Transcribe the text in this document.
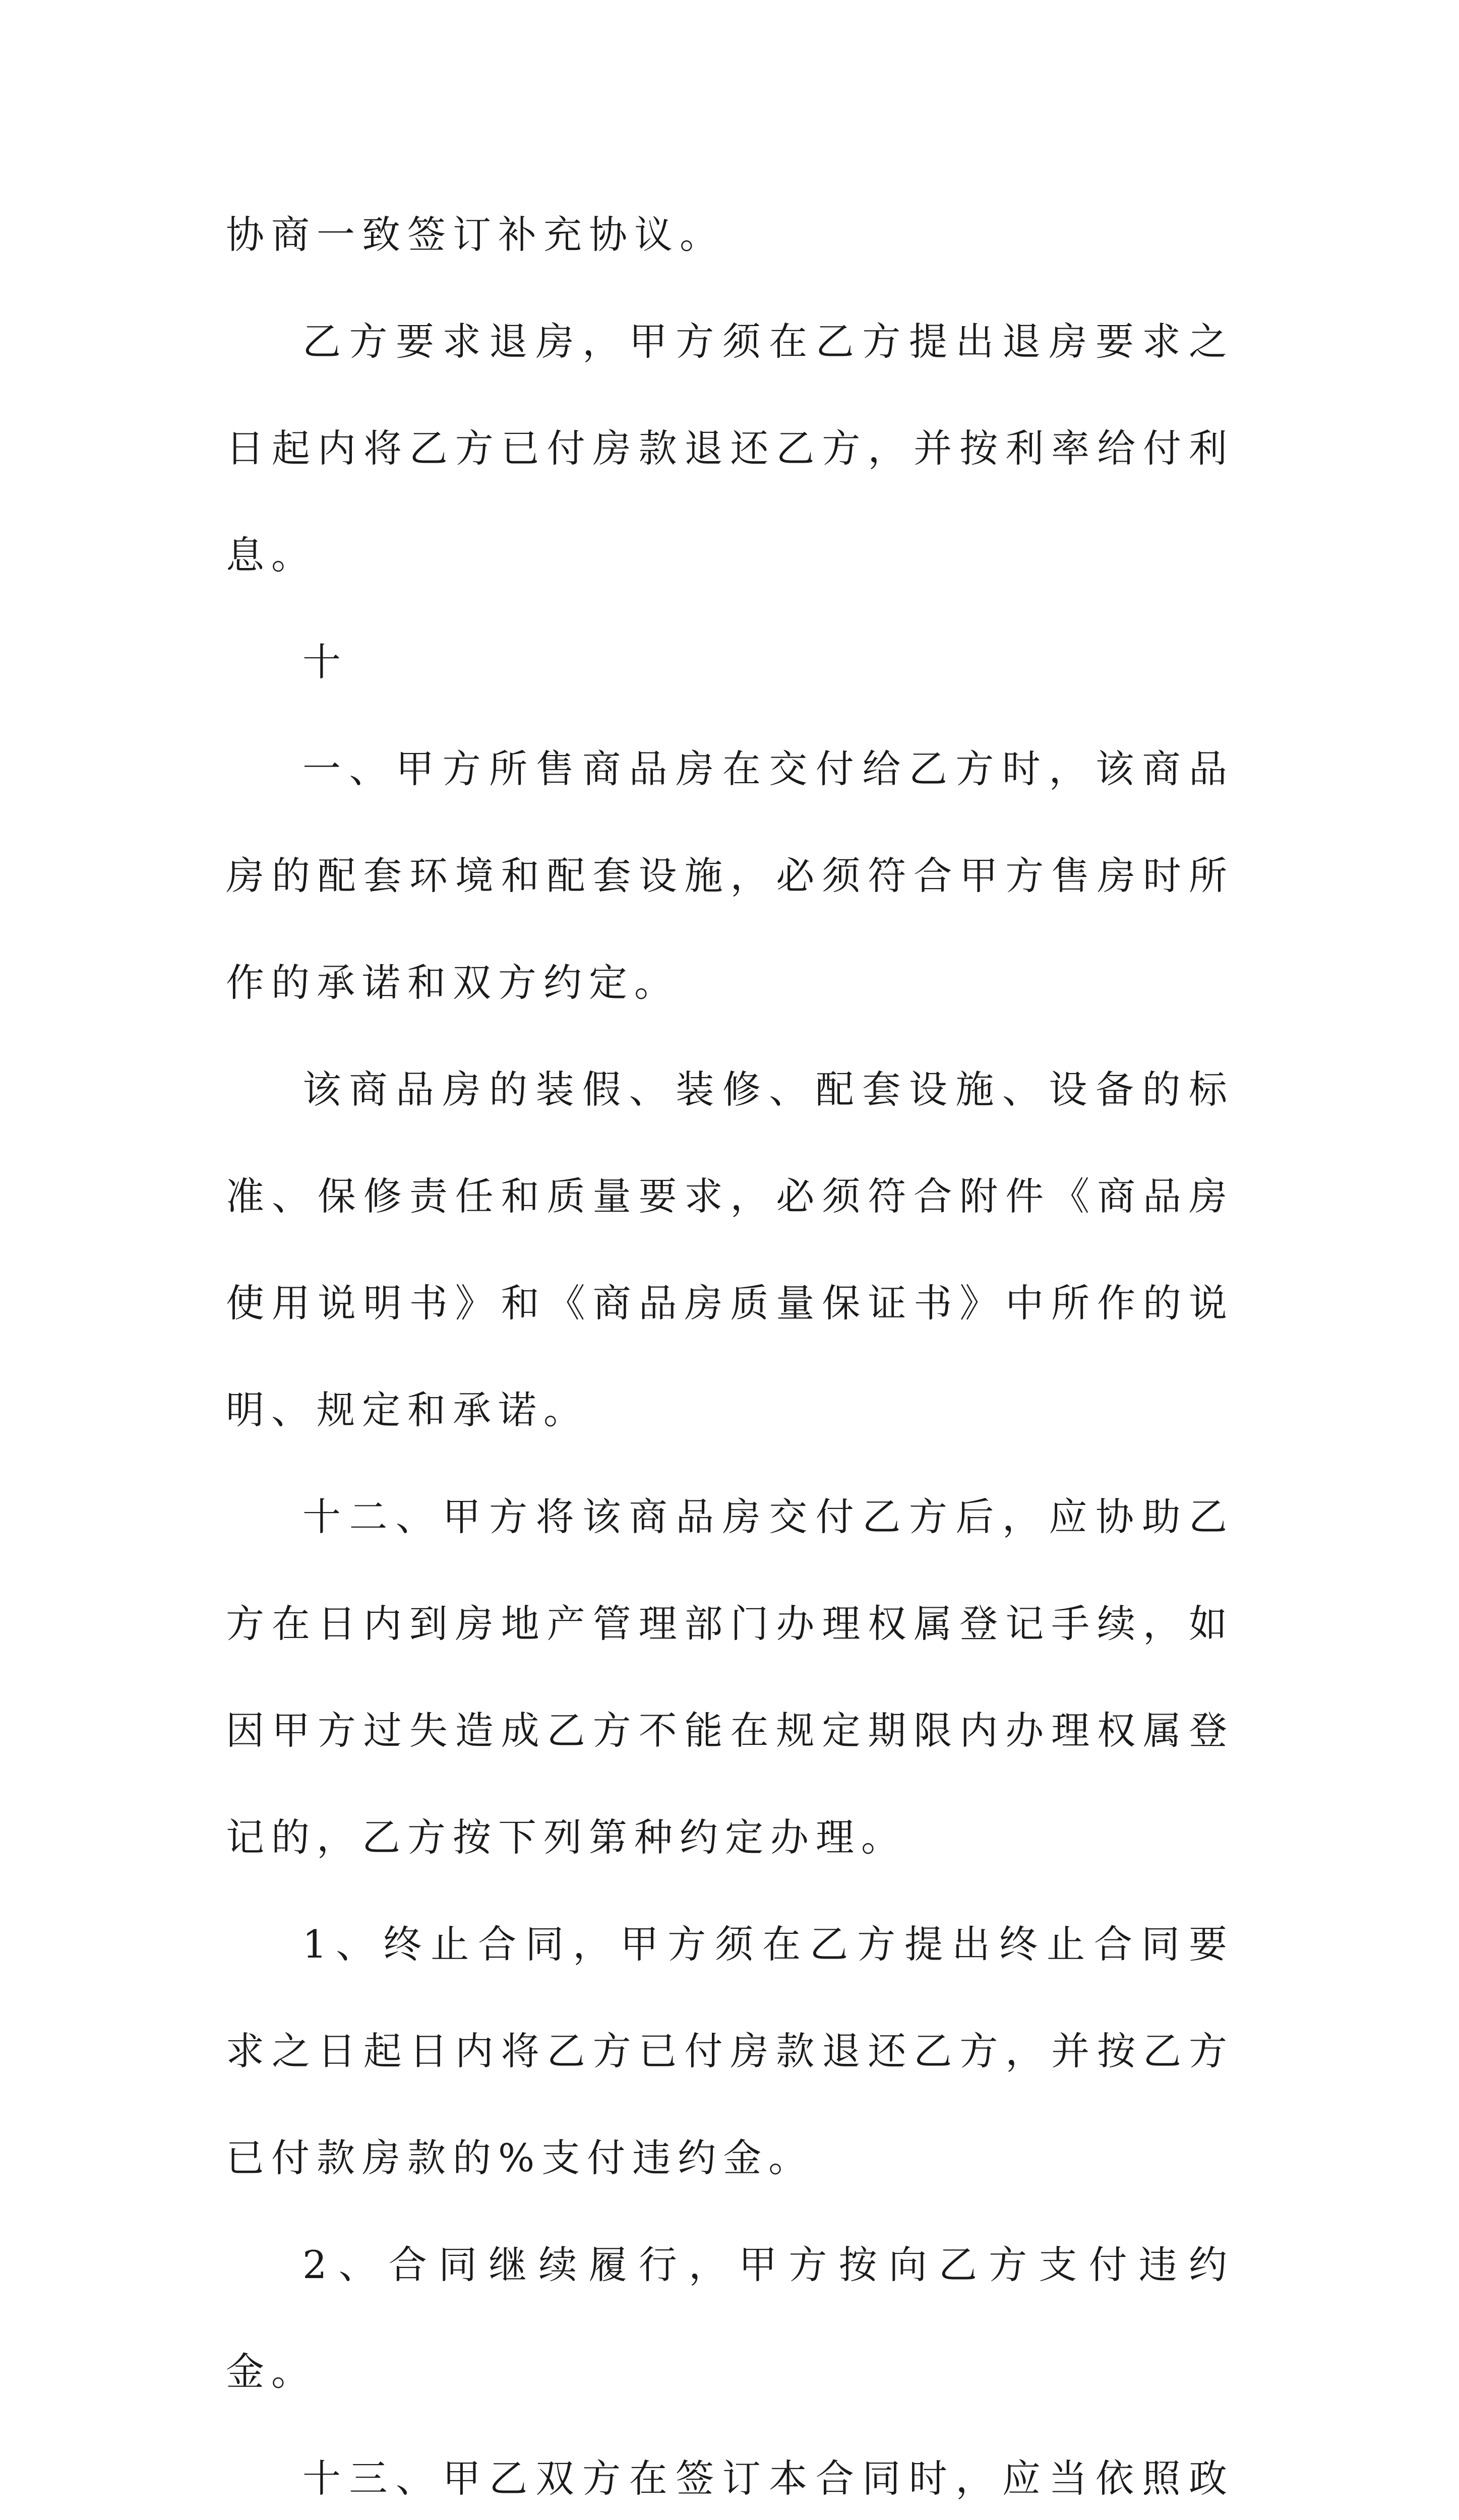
协商一致签订补充协议。

乙方要求退房，甲方须在乙方提出退房要求之日起内将乙方已付房款退还乙方，并按利率给付利息。

十

一、甲方所售商品房在交付给乙方时，该商品房的配套环境和配套设施，必须符合甲方售房时所作的承诺和双方约定。

该商品房的装假、装修、配套设施、设备的标准、保修责任和质量要求，必须符合附件《商品房使用说明书》和《商品房质量保证书》中所作的说明、规定和承诺。

十二、甲方将该商品房交付乙方后，应协助乙方在日内到房地产管理部门办理权属登记手续，如因甲方过失造成乙方不能在规定期限内办理权属登记的，乙方按下列第种约定办理。

1、终止合同，甲方须在乙方提出终止合同要求之日起日内将乙方已付房款退还乙方，并按乙方已付款房款的%支付违约金。

2、合同继续履行，甲方按向乙方支付违约金。

十三、甲乙双方在签订本合同时，应当依照政
